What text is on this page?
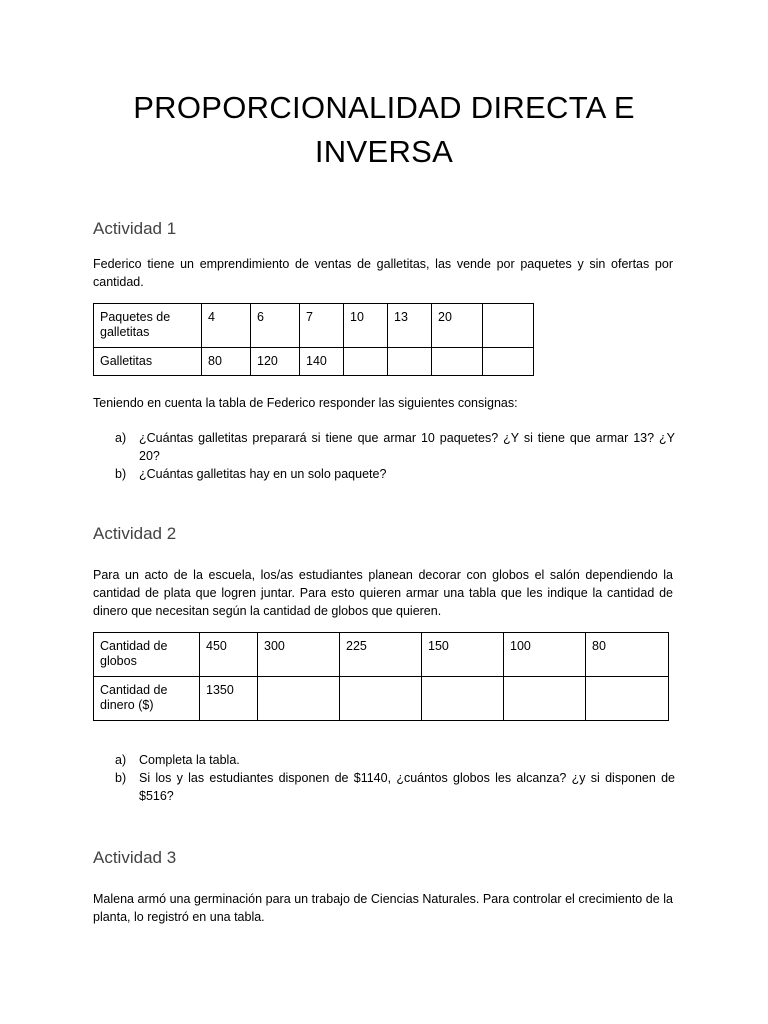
PROPORCIONALIDAD DIRECTA E INVERSA
Actividad 1

Federico tiene un emprendimiento de ventas de galletitas, las vende por paquetes y sin ofertas por cantidad.

Paquetes de galletitas	4	6	7	10	13	20	
Galletitas	80	120	140				

Teniendo en cuenta la tabla de Federico responder las siguientes consignas:

a) ¿Cuántas galletitas preparará si tiene que armar 10 paquetes? ¿Y si tiene que armar 13? ¿Y 20?
b) ¿Cuántas galletitas hay en un solo paquete?
Actividad 2

Para un acto de la escuela, los/as estudiantes planean decorar con globos el salón dependiendo la cantidad de plata que logren juntar. Para esto quieren armar una tabla que les indique la cantidad de dinero que necesitan según la cantidad de globos que quieren.

Cantidad de globos	450	300	225	150	100	80
Cantidad de dinero ($)	1350					
a) Completa la tabla.
b) Si los y las estudiantes disponen de $1140, ¿cuántos globos les alcanza? ¿y si disponen de $516?
Actividad 3

Malena armó una germinación para un trabajo de Ciencias Naturales. Para controlar el crecimiento de la planta, lo registró en una tabla.
